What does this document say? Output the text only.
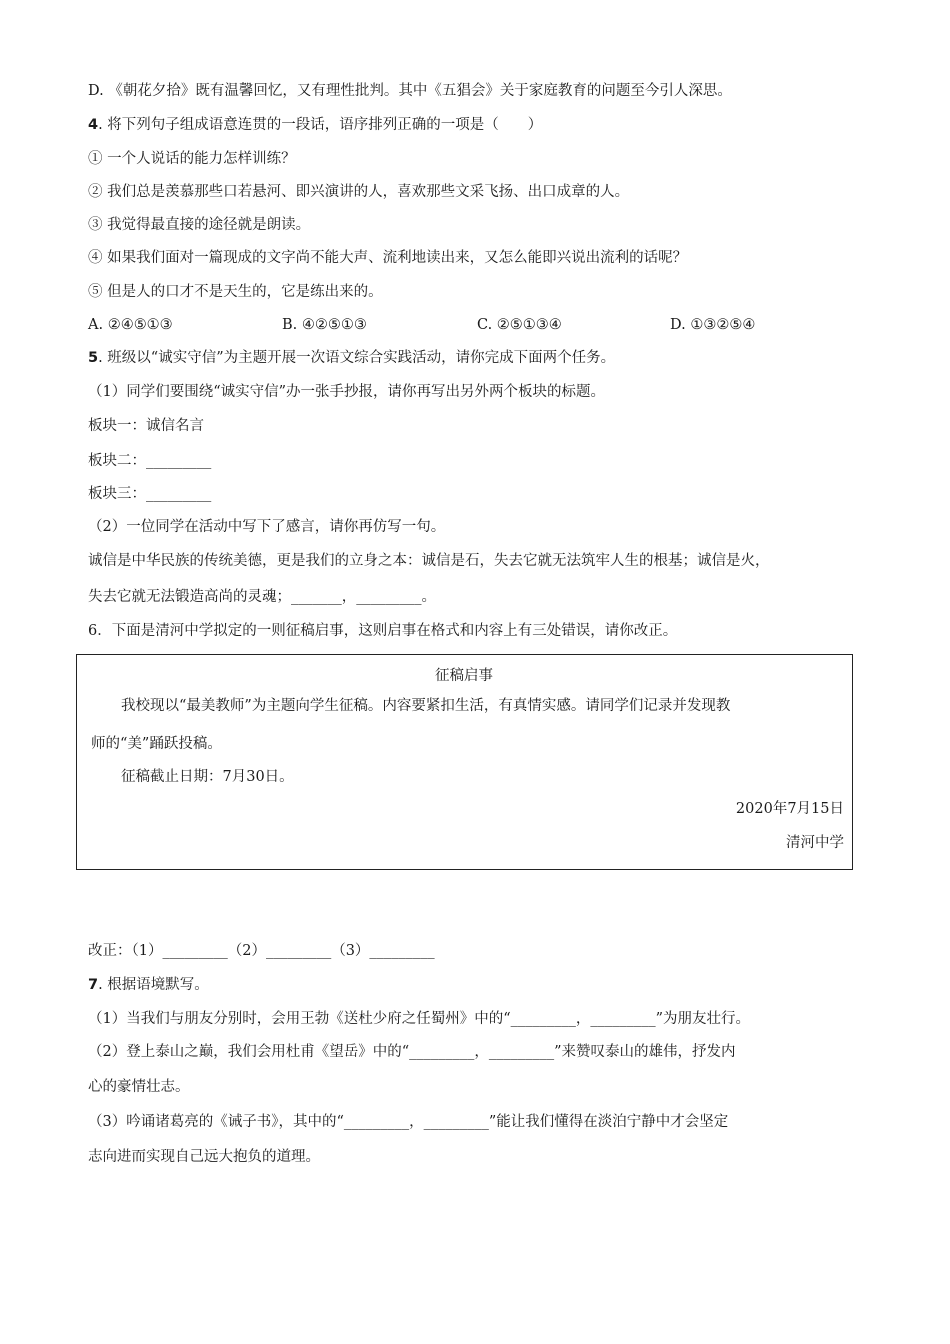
D. 《朝花夕拾》既有温馨回忆，又有理性批判。其中《五猖会》关于家庭教育的问题至今引人深思。
4. 将下列句子组成语意连贯的一段话，语序排列正确的一项是（　　）
① 一个人说话的能力怎样训练？
② 我们总是羡慕那些口若悬河、即兴演讲的人，喜欢那些文采飞扬、出口成章的人。
③ 我觉得最直接的途径就是朗读。
④ 如果我们面对一篇现成的文字尚不能大声、流利地读出来，又怎么能即兴说出流利的话呢？
⑤ 但是人的口才不是天生的，它是练出来的。
A. ②④⑤①③	B. ④②⑤①③	C. ②⑤①③④	D. ①③②⑤④
5. 班级以“诚实守信”为主题开展一次语文综合实践活动，请你完成下面两个任务。
（1）同学们要围绕“诚实守信”办一张手抄报，请你再写出另外两个板块的标题。
板块一：诚信名言
板块二：_________
板块三：_________
（2）一位同学在活动中写下了感言，请你再仿写一句。
诚信是中华民族的传统美德，更是我们的立身之本：诚信是石，失去它就无法筑牢人生的根基；诚信是火，
失去它就无法锻造高尚的灵魂；_______，_________。
6．下面是清河中学拟定的一则征稿启事，这则启事在格式和内容上有三处错误，请你改正。
征稿启事
我校现以“最美教师”为主题向学生征稿。内容要紧扣生活，有真情实感。请同学们记录并发现教
师的“美”踊跃投稿。
征稿截止日期：7月30日。
2020年7月15日
清河中学
改正：（1）_________（2）_________（3）_________
7. 根据语境默写。
（1）当我们与朋友分别时，会用王勃《送杜少府之任蜀州》中的“_________，_________”为朋友壮行。
（2）登上泰山之巅，我们会用杜甫《望岳》中的“_________，_________”来赞叹泰山的雄伟，抒发内
心的豪情壮志。
（3）吟诵诸葛亮的《诫子书》，其中的“_________，_________”能让我们懂得在淡泊宁静中才会坚定
志向进而实现自己远大抱负的道理。
